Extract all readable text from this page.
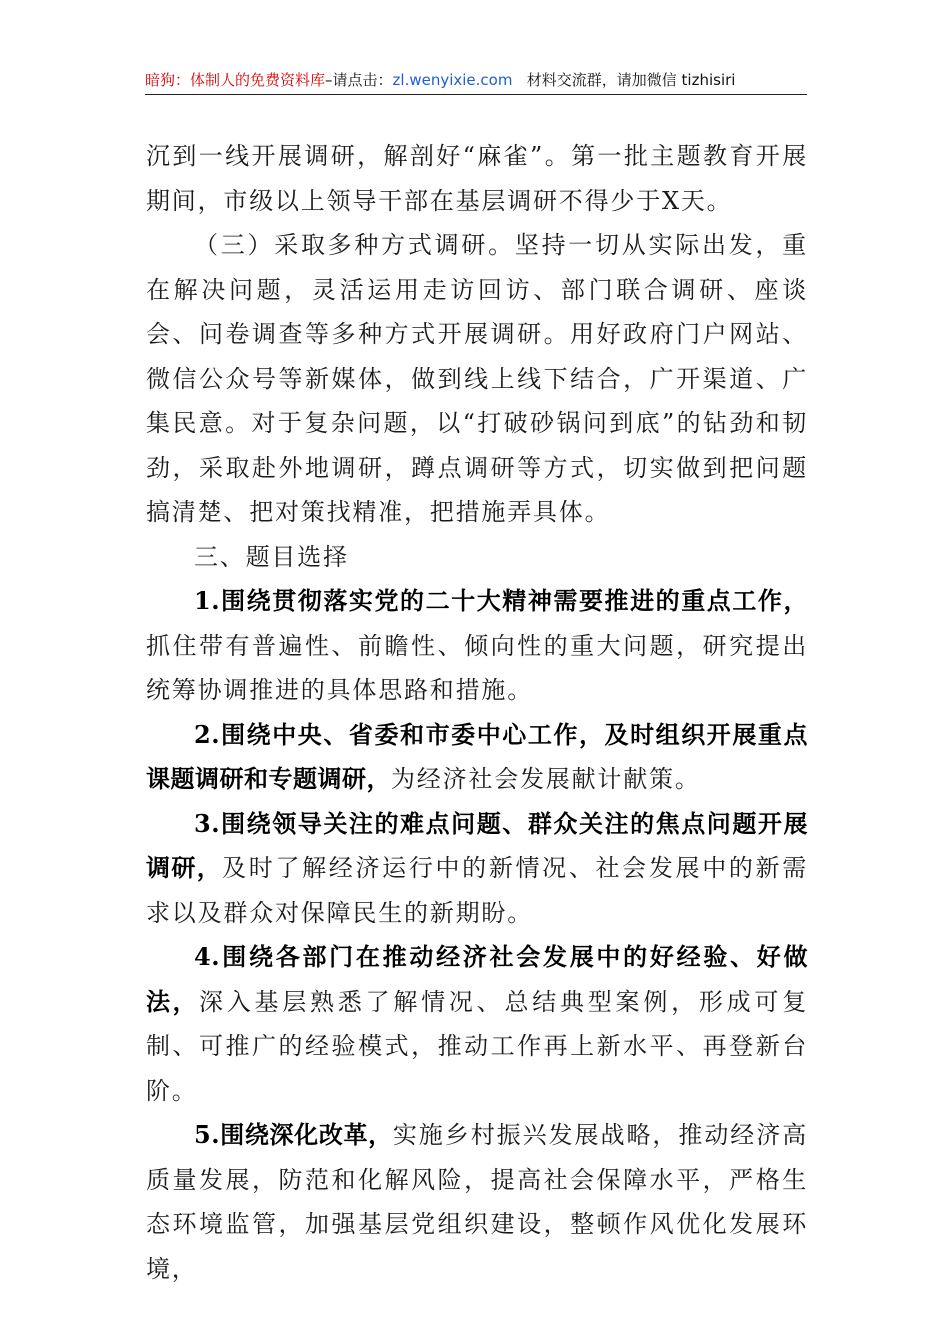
暗狗：体制人的免费资料库–请点击：zl.wenyixie.com 材料交流群，请加微信 tizhisiri

沉到一线开展调研，解剖好“麻雀”。第一批主题教育开展期间，市级以上领导干部在基层调研不得少于X天。

（三）采取多种方式调研。坚持一切从实际出发，重在解决问题，灵活运用走访回访、部门联合调研、座谈会、问卷调查等多种方式开展调研。用好政府门户网站、微信公众号等新媒体，做到线上线下结合，广开渠道、广集民意。对于复杂问题，以“打破砂锅问到底”的钻劲和韧劲，采取赴外地调研，蹲点调研等方式，切实做到把问题搞清楚、把对策找精准，把措施弄具体。

三、题目选择

1.围绕贯彻落实党的二十大精神需要推进的重点工作，抓住带有普遍性、前瞻性、倾向性的重大问题，研究提出统筹协调推进的具体思路和措施。

2.围绕中央、省委和市委中心工作，及时组织开展重点课题调研和专题调研，为经济社会发展献计献策。

3.围绕领导关注的难点问题、群众关注的焦点问题开展调研，及时了解经济运行中的新情况、社会发展中的新需求以及群众对保障民生的新期盼。

4.围绕各部门在推动经济社会发展中的好经验、好做法，深入基层熟悉了解情况、总结典型案例，形成可复制、可推广的经验模式，推动工作再上新水平、再登新台阶。

5.围绕深化改革，实施乡村振兴发展战略，推动经济高质量发展，防范和化解风险，提高社会保障水平，严格生态环境监管，加强基层党组织建设，整顿作风优化发展环境，
